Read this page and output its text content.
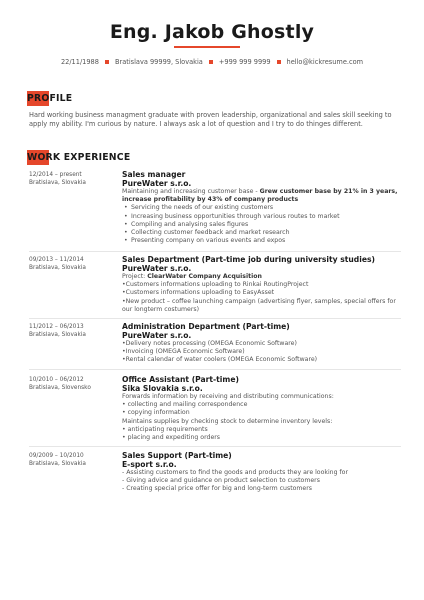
Eng. Jakob Ghostly
22/11/1988 Bratislava 99999, Slovakia +999 999 9999 hello@kickresume.com
PROFILE
Hard working business managment graduate with proven leadership, organizational and sales skill seeking to apply my ability. I'm curious by nature. I always ask a lot of question and I try to do thinges different.
WORK EXPERIENCE
12/2014 – present
Bratislava, Slovakia
Sales manager
PureWater s.r.o.
Maintaining and increasing customer base - Grew customer base by 21% in 3 years, increase profitability by 43% of company products
• Servicing the needs of our existing customers
• Increasing business opportunities through various routes to market
• Compiling and analysing sales figures
• Collecting customer feedback and market research
• Presenting company on various events and expos
09/2013 – 11/2014
Bratislava, Slovakia
Sales Department (Part-time job during university studies)
PureWater s.r.o.
Project: ClearWater Company Acquisition
•Customers informations uploading to Rinkai RoutingProject
•Customers informations uploading to EasyAsset
•New product – coffee launching campaign (advertising flyer, samples, special offers for our longterm costumers)
11/2012 – 06/2013
Bratislava, Slovakia
Administration Department (Part-time)
PureWater s.r.o.
•Delivery notes processing (OMEGA Economic Software)
•Invoicing (OMEGA Economic Software)
•Rental calendar of water coolers (OMEGA Economic Software)
10/2010 – 06/2012
Bratislava, Slovensko
Office Assistant (Part-time)
Sika Slovakia s.r.o.
Forwards information by receiving and distributing communications:
• collecting and mailing correspondence
• copying information
Maintains supplies by checking stock to determine inventory levels:
• anticipating requirements
• placing and expediting orders
09/2009 – 10/2010
Bratislava, Slovakia
Sales Support (Part-time)
E-sport s.r.o.
- Assisting customers to find the goods and products they are looking for
- Giving advice and guidance on product selection to customers
- Creating special price offer for big and long-term customers
